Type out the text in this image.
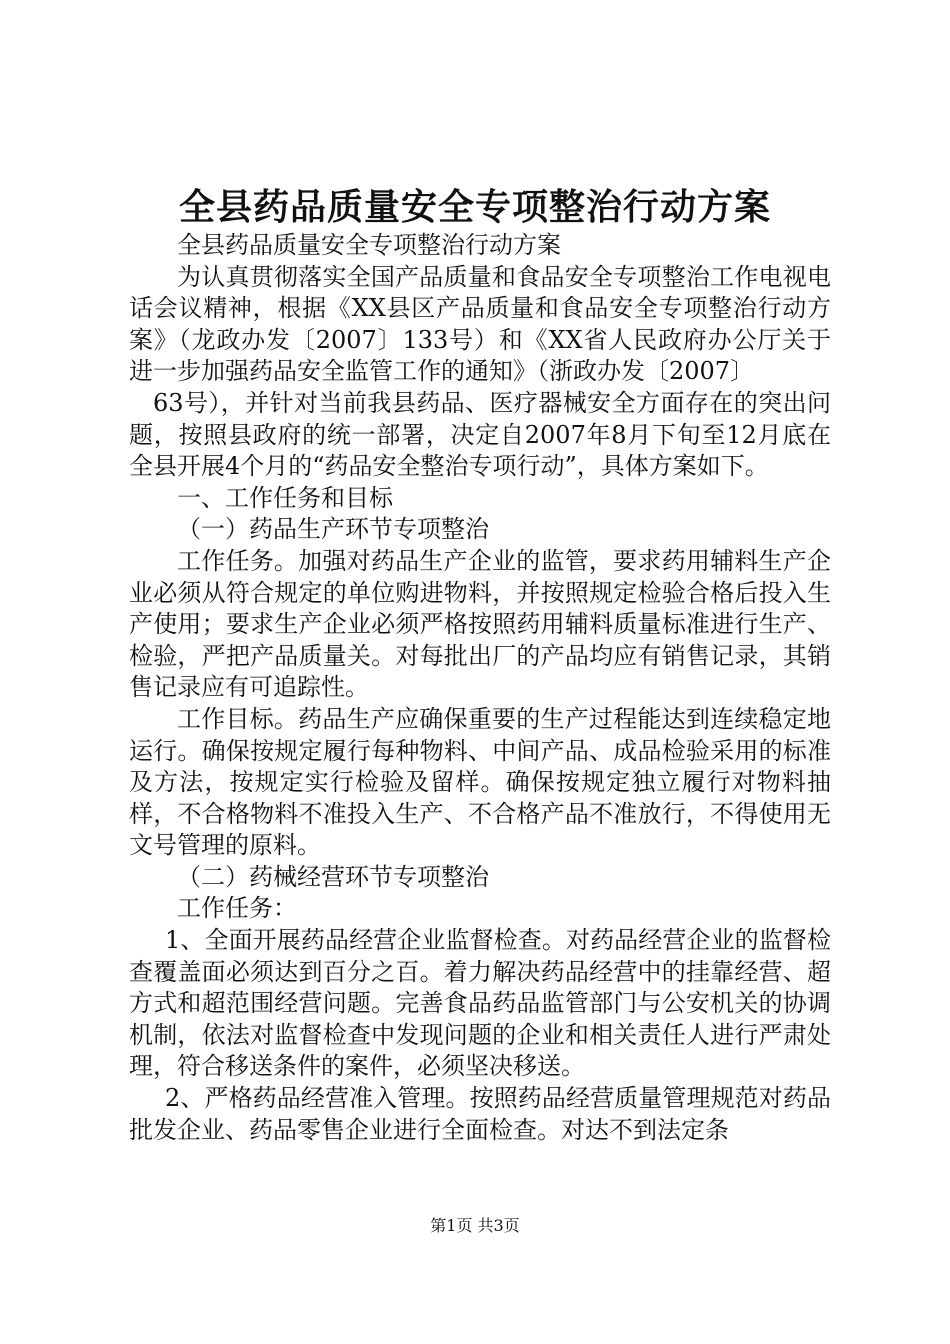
全县药品质量安全专项整治行动方案

全县药品质量安全专项整治行动方案

为认真贯彻落实全国产品质量和食品安全专项整治工作电视电话会议精神，根据《XX县区产品质量和食品安全专项整治行动方案》（龙政办发〔2007〕133号）和《XX省人民政府办公厅关于进一步加强药品安全监管工作的通知》（浙政办发〔2007〕

63号），并针对当前我县药品、医疗器械安全方面存在的突出问题，按照县政府的统一部署，决定自2007年8月下旬至12月底在全县开展4个月的“药品安全整治专项行动”，具体方案如下。

一、工作任务和目标

（一）药品生产环节专项整治

工作任务。加强对药品生产企业的监管，要求药用辅料生产企业必须从符合规定的单位购进物料，并按照规定检验合格后投入生产使用；要求生产企业必须严格按照药用辅料质量标准进行生产、检验，严把产品质量关。对每批出厂的产品均应有销售记录，其销售记录应有可追踪性。

工作目标。药品生产应确保重要的生产过程能达到连续稳定地运行。确保按规定履行每种物料、中间产品、成品检验采用的标准及方法，按规定实行检验及留样。确保按规定独立履行对物料抽样，不合格物料不准投入生产、不合格产品不准放行，不得使用无文号管理的原料。

（二）药械经营环节专项整治

工作任务：

1、全面开展药品经营企业监督检查。对药品经营企业的监督检查覆盖面必须达到百分之百。着力解决药品经营中的挂靠经营、超方式和超范围经营问题。完善食品药品监管部门与公安机关的协调机制，依法对监督检查中发现问题的企业和相关责任人进行严肃处理，符合移送条件的案件，必须坚决移送。

2、严格药品经营准入管理。按照药品经营质量管理规范对药品批发企业、药品零售企业进行全面检查。对达不到法定条

第1页 共3页
